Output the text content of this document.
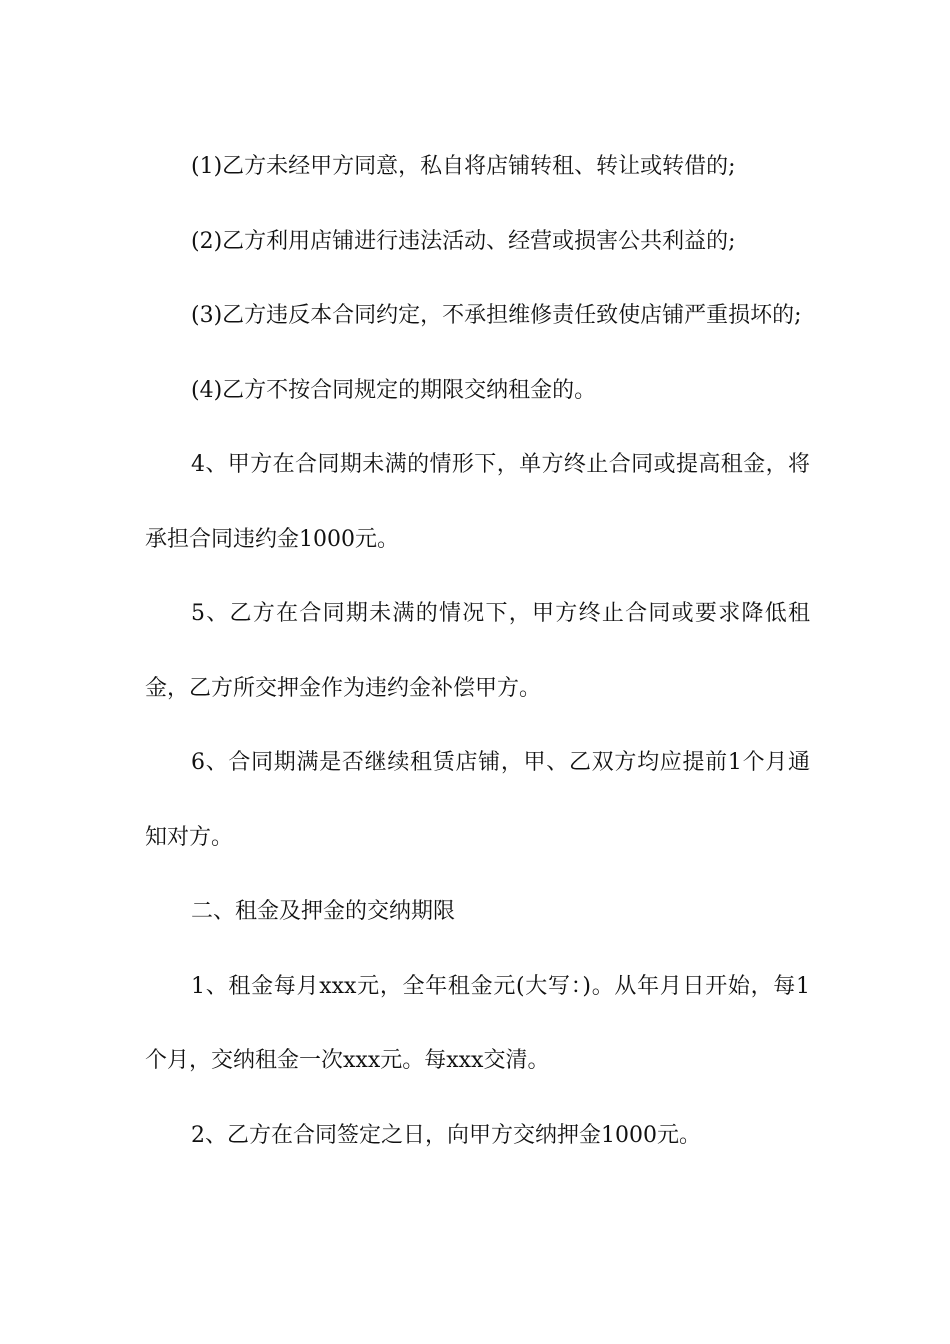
(1)乙方未经甲方同意，私自将店铺转租、转让或转借的;

(2)乙方利用店铺进行违法活动、经营或损害公共利益的;

(3)乙方违反本合同约定，不承担维修责任致使店铺严重损坏的;

(4)乙方不按合同规定的期限交纳租金的。

4、甲方在合同期未满的情形下，单方终止合同或提高租金，将承担合同违约金1000元。

5、乙方在合同期未满的情况下，甲方终止合同或要求降低租金，乙方所交押金作为违约金补偿甲方。

6、合同期满是否继续租赁店铺，甲、乙双方均应提前1个月通知对方。

二、租金及押金的交纳期限

1、租金每月xxx元，全年租金元(大写：)。从年月日开始，每1个月，交纳租金一次xxx元。每xxx交清。

2、乙方在合同签定之日，向甲方交纳押金1000元。
